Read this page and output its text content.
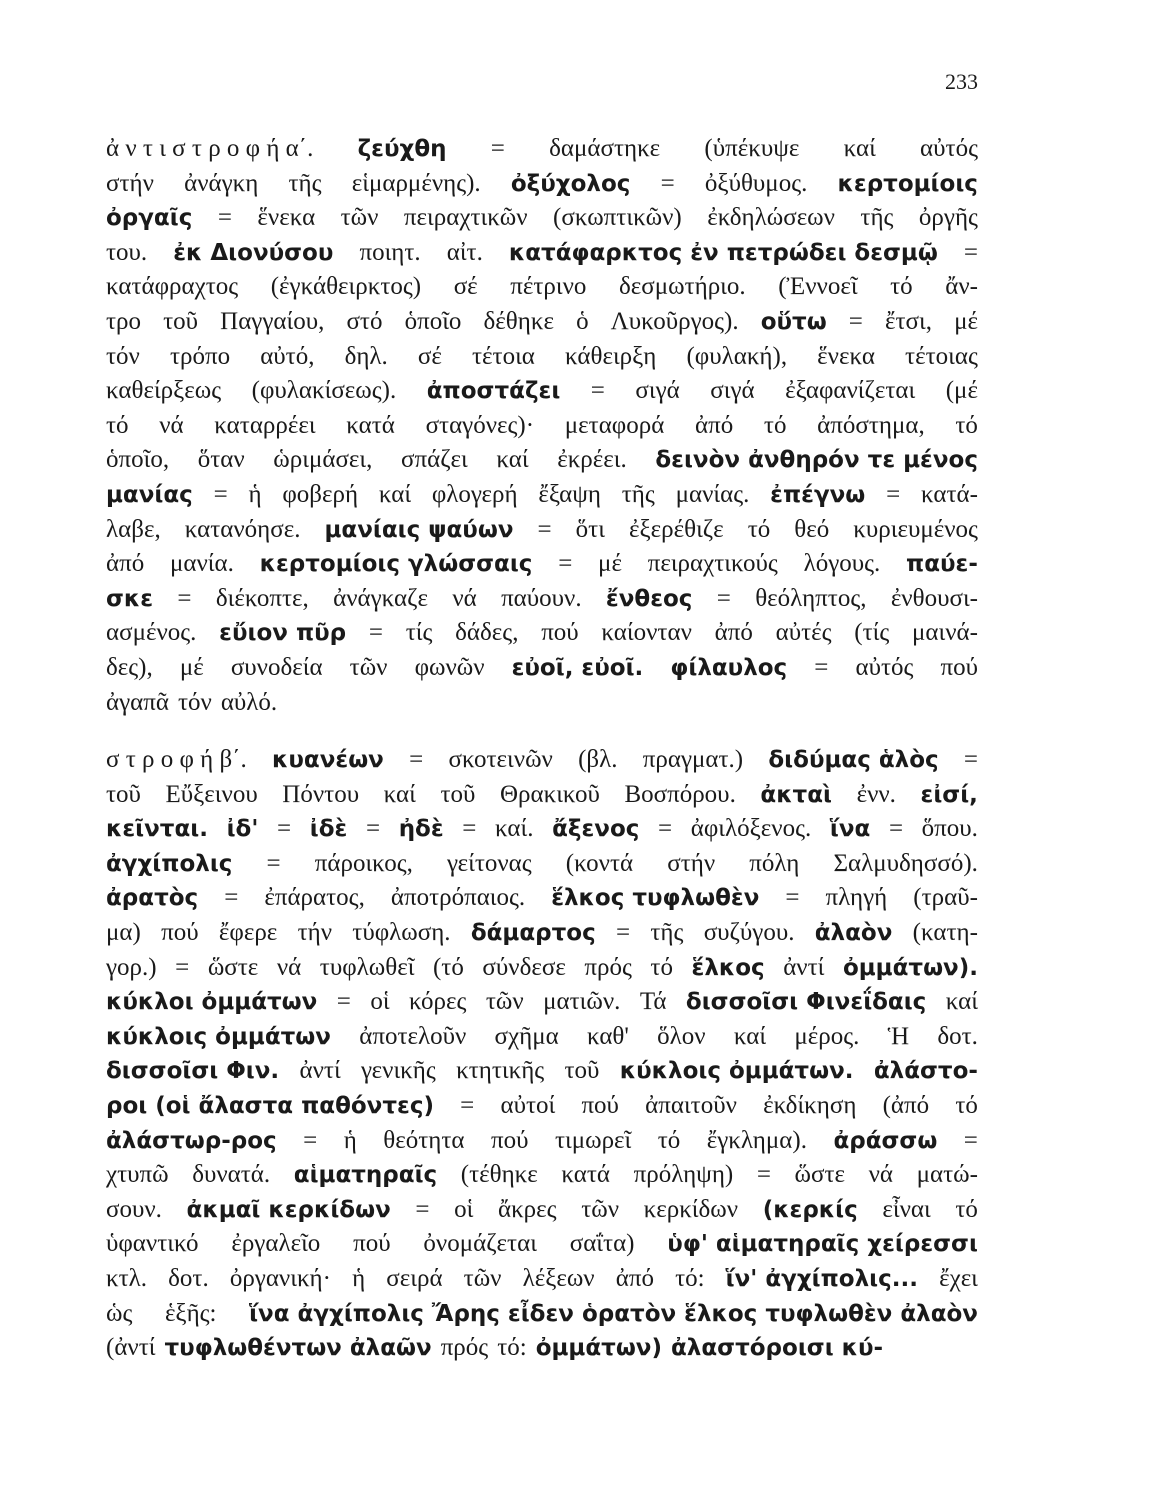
233
ἀ ν τ ι σ τ ρ ο φ ή α΄. ζεύχθη = δαμάστηκε (ὑπέκυψε καί αὐτός
στήν ἀνάγκη τῆς εἱμαρμένης). ὀξύχολος = ὀξύθυμος. κερτομίοις
ὀργαῖς = ἕνεκα τῶν πειραχτικῶν (σκωπτικῶν) ἐκδηλώσεων τῆς ὀργῆς
του. ἐκ Διονύσου ποιητ. αἰτ. κατάφαρκτος ἐν πετρώδει δεσμῷ =
κατάφραχτος (ἐγκάθειρκτος) σέ πέτρινο δεσμωτήριο. (Ἐννοεῖ τό ἄν-
τρο τοῦ Παγγαίου, στό ὁποῖο δέθηκε ὁ Λυκοῦργος). οὕτω = ἔτσι, μέ
τόν τρόπο αὐτό, δηλ. σέ τέτοια κάθειρξη (φυλακή), ἕνεκα τέτοιας
καθείρξεως (φυλακίσεως). ἀποστάζει = σιγά σιγά ἐξαφανίζεται (μέ
τό νά καταρρέει κατά σταγόνες)· μεταφορά ἀπό τό ἀπόστημα, τό
ὁποῖο, ὅταν ὡριμάσει, σπάζει καί ἐκρέει. δεινὸν ἀνθηρόν τε μένος
μανίας = ἡ φοβερή καί φλογερή ἔξαψη τῆς μανίας. ἐπέγνω = κατά-
λαβε, κατανόησε. μανίαις ψαύων = ὅτι ἐξερέθιζε τό θεό κυριευμένος
ἀπό μανία. κερτομίοις γλώσσαις = μέ πειραχτικούς λόγους. παύε-
σκε = διέκοπτε, ἀνάγκαζε νά παύουν. ἔνθεος = θεόληπτος, ἐνθουσι-
ασμένος. εὔιον πῦρ = τίς δάδες, πού καίονταν ἀπό αὐτές (τίς μαινά-
δες), μέ συνοδεία τῶν φωνῶν εὐοῖ, εὐοῖ. φίλαυλος = αὐτός πού
ἀγαπᾶ τόν αὐλό.
σ τ ρ ο φ ή β΄. κυανέων = σκοτεινῶν (βλ. πραγματ.) διδύμας ἁλὸς =
τοῦ Εὔξεινου Πόντου καί τοῦ Θρακικοῦ Βοσπόρου. ἀκταὶ ἐνν. εἰσί,
κεῖνται. ἰδ' = ἰδὲ = ἠδὲ = καί. ἄξενος = ἀφιλόξενος. ἵνα = ὅπου.
ἀγχίπολις = πάροικος, γείτονας (κοντά στήν πόλη Σαλμυδησσό).
ἀρατὸς = ἐπάρατος, ἀποτρόπαιος. ἕλκος τυφλωθὲν = πληγή (τραῦ-
μα) πού ἔφερε τήν τύφλωση. δάμαρτος = τῆς συζύγου. ἀλαὸν (κατη-
γορ.) = ὥστε νά τυφλωθεῖ (τό σύνδεσε πρός τό ἕλκος ἀντί ὀμμάτων).
κύκλοι ὀμμάτων = οἱ κόρες τῶν ματιῶν. Τά δισσοῖσι Φινεΐδαις καί
κύκλοις ὀμμάτων ἀποτελοῦν σχῆμα καθ' ὅλον καί μέρος. Ἡ δοτ.
δισσοῖσι Φιν. ἀντί γενικῆς κτητικῆς τοῦ κύκλοις ὀμμάτων. ἀλάστο-
ροι (οἱ ἄλαστα παθόντες) = αὐτοί πού ἀπαιτοῦν ἐκδίκηση (ἀπό τό
ἀλάστωρ-ρος = ἡ θεότητα πού τιμωρεῖ τό ἔγκλημα). ἀράσσω =
χτυπῶ δυνατά. αἱματηραῖς (τέθηκε κατά πρόληψη) = ὥστε νά ματώ-
σουν. ἀκμαῖ κερκίδων = οἱ ἄκρες τῶν κερκίδων (κερκίς εἶναι τό
ὑφαντικό ἐργαλεῖο πού ὀνομάζεται σαΐτα) ὑφ' αἱματηραῖς χείρεσσι
κτλ. δοτ. ὀργανική· ἡ σειρά τῶν λέξεων ἀπό τό: ἵν' ἀγχίπολις... ἔχει
ὡς ἑξῆς: ἵνα ἀγχίπολις Ἄρης εἶδεν ὁρατὸν ἕλκος τυφλωθὲν ἀλαὸν
(ἀντί τυφλωθέντων ἀλαῶν πρός τό: ὀμμάτων) ἀλαστόροισι κύ-
